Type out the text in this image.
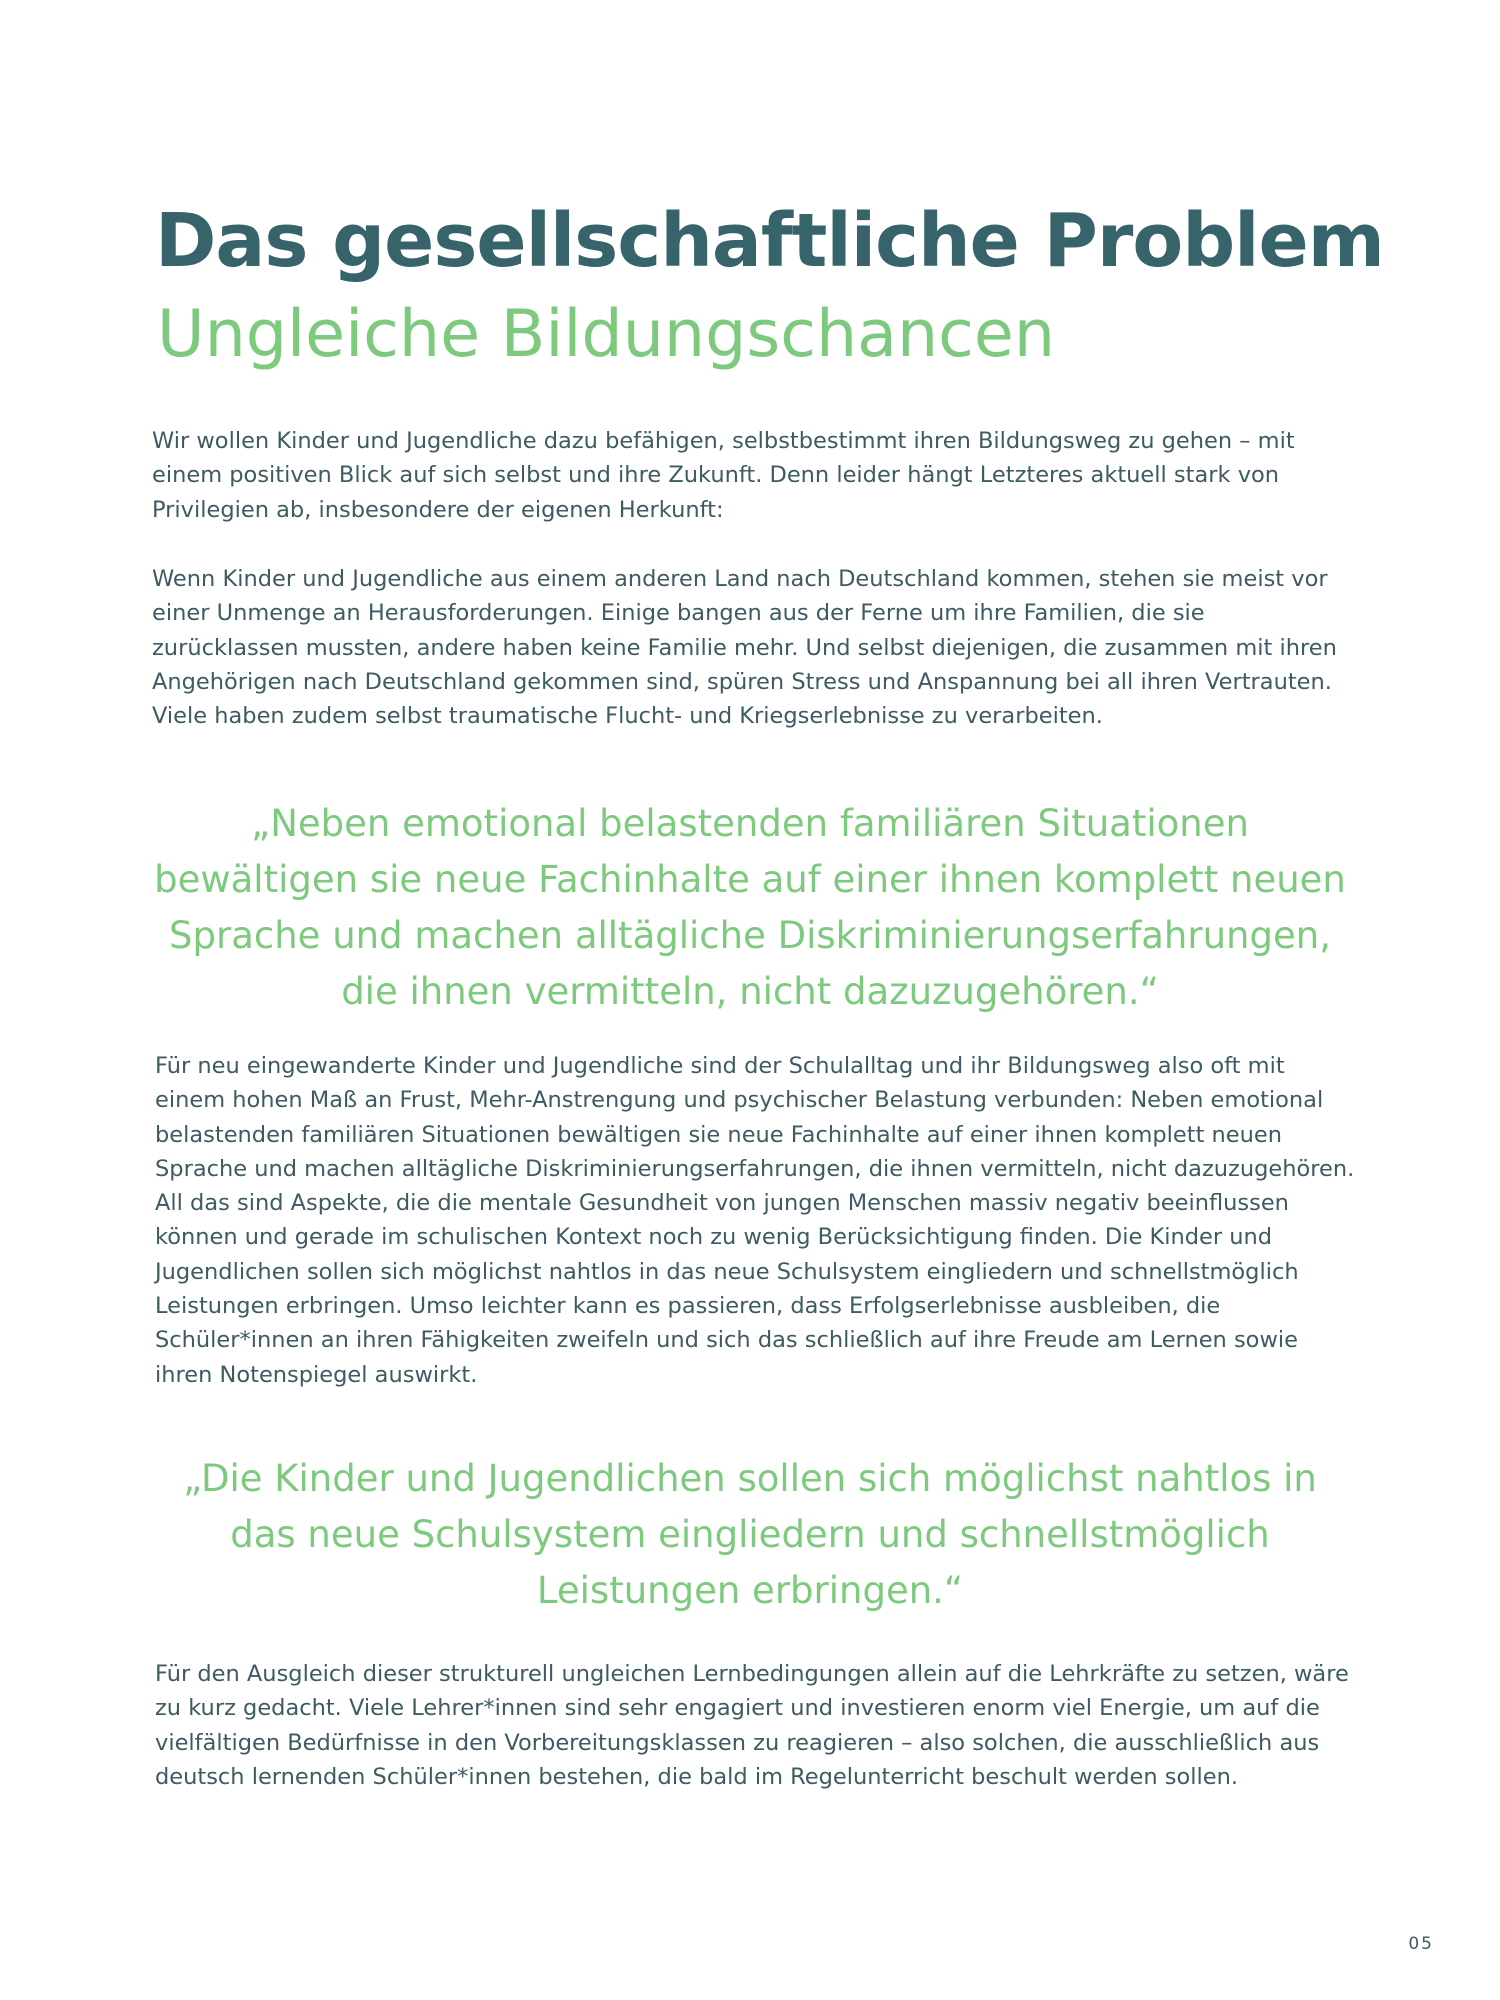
Das gesellschaftliche Problem
Ungleiche Bildungschancen

Wir wollen Kinder und Jugendliche dazu befähigen, selbstbestimmt ihren Bildungsweg zu gehen – mit einem positiven Blick auf sich selbst und ihre Zukunft. Denn leider hängt Letzteres aktuell stark von Privilegien ab, insbesondere der eigenen Herkunft:

Wenn Kinder und Jugendliche aus einem anderen Land nach Deutschland kommen, stehen sie meist vor einer Unmenge an Herausforderungen. Einige bangen aus der Ferne um ihre Familien, die sie zurücklassen mussten, andere haben keine Familie mehr. Und selbst diejenigen, die zusammen mit ihren Angehörigen nach Deutschland gekommen sind, spüren Stress und Anspannung bei all ihren Vertrauten. Viele haben zudem selbst traumatische Flucht- und Kriegserlebnisse zu verarbeiten.

„Neben emotional belastenden familiären Situationen bewältigen sie neue Fachinhalte auf einer ihnen komplett neuen Sprache und machen alltägliche Diskriminierungserfahrungen, die ihnen vermitteln, nicht dazuzugehören.“

Für neu eingewanderte Kinder und Jugendliche sind der Schulalltag und ihr Bildungsweg also oft mit einem hohen Maß an Frust, Mehr-Anstrengung und psychischer Belastung verbunden: Neben emotional belastenden familiären Situationen bewältigen sie neue Fachinhalte auf einer ihnen komplett neuen Sprache und machen alltägliche Diskriminierungserfahrungen, die ihnen vermitteln, nicht dazuzugehören. All das sind Aspekte, die die mentale Gesundheit von jungen Menschen massiv negativ beeinflussen können und gerade im schulischen Kontext noch zu wenig Berücksichtigung finden. Die Kinder und Jugendlichen sollen sich möglichst nahtlos in das neue Schulsystem eingliedern und schnellstmöglich Leistungen erbringen. Umso leichter kann es passieren, dass Erfolgserlebnisse ausbleiben, die Schüler*innen an ihren Fähigkeiten zweifeln und sich das schließlich auf ihre Freude am Lernen sowie ihren Notenspiegel auswirkt.

„Die Kinder und Jugendlichen sollen sich möglichst nahtlos in das neue Schulsystem eingliedern und schnellstmöglich Leistungen erbringen.“

Für den Ausgleich dieser strukturell ungleichen Lernbedingungen allein auf die Lehrkräfte zu setzen, wäre zu kurz gedacht. Viele Lehrer*innen sind sehr engagiert und investieren enorm viel Energie, um auf die vielfältigen Bedürfnisse in den Vorbereitungsklassen zu reagieren – also solchen, die ausschließlich aus deutsch lernenden Schüler*innen bestehen, die bald im Regelunterricht beschult werden sollen.

05
